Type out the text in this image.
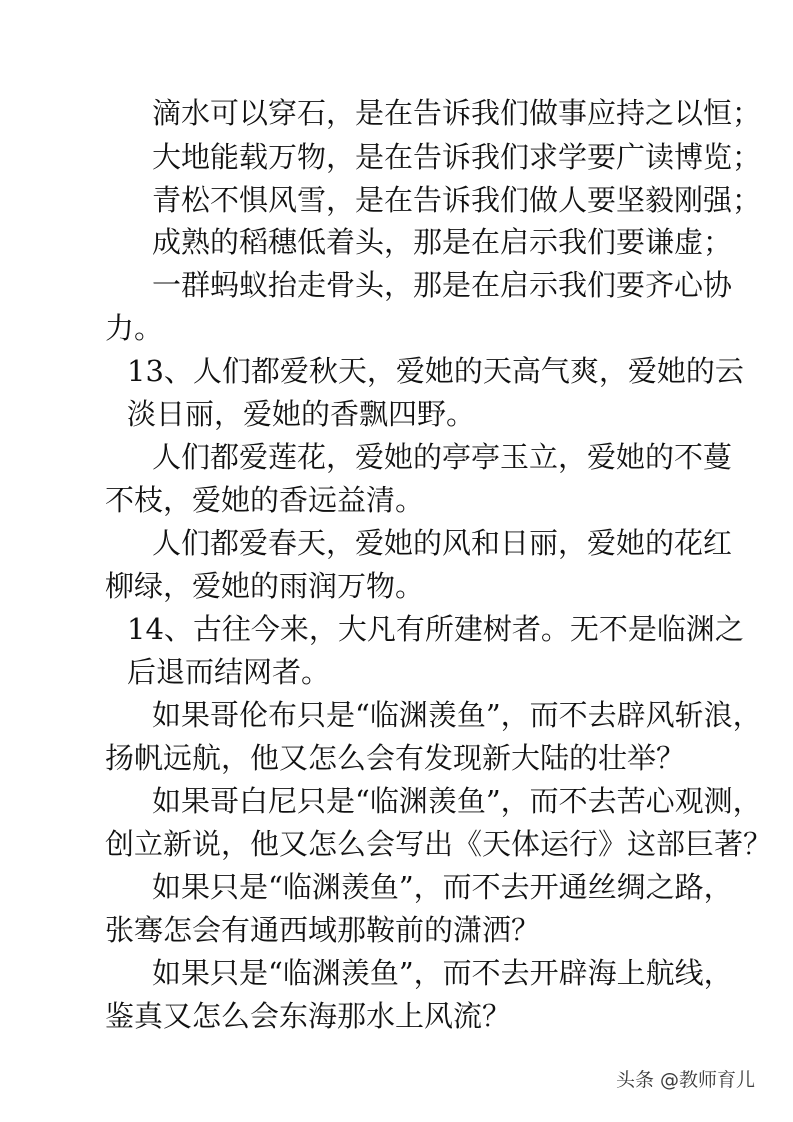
滴水可以穿石，是在告诉我们做事应持之以恒；
大地能载万物，是在告诉我们求学要广读博览；
青松不惧风雪，是在告诉我们做人要坚毅刚强；
成熟的稻穗低着头，那是在启示我们要谦虚；
一群蚂蚁抬走骨头，那是在启示我们要齐心协
力。
13、人们都爱秋天，爱她的天高气爽，爱她的云
淡日丽，爱她的香飘四野。
人们都爱莲花，爱她的亭亭玉立，爱她的不蔓
不枝，爱她的香远益清。
人们都爱春天，爱她的风和日丽，爱她的花红
柳绿，爱她的雨润万物。
14、古往今来，大凡有所建树者。无不是临渊之
后退而结网者。
如果哥伦布只是“临渊羡鱼”，而不去辟风斩浪，
扬帆远航，他又怎么会有发现新大陆的壮举？
如果哥白尼只是“临渊羡鱼”，而不去苦心观测，
创立新说，他又怎么会写出《天体运行》这部巨著？
如果只是“临渊羡鱼”，而不去开通丝绸之路，
张骞怎会有通西域那鞍前的潇洒？
如果只是“临渊羡鱼”，而不去开辟海上航线，
鉴真又怎么会东海那水上风流？
头条 @教师育儿
